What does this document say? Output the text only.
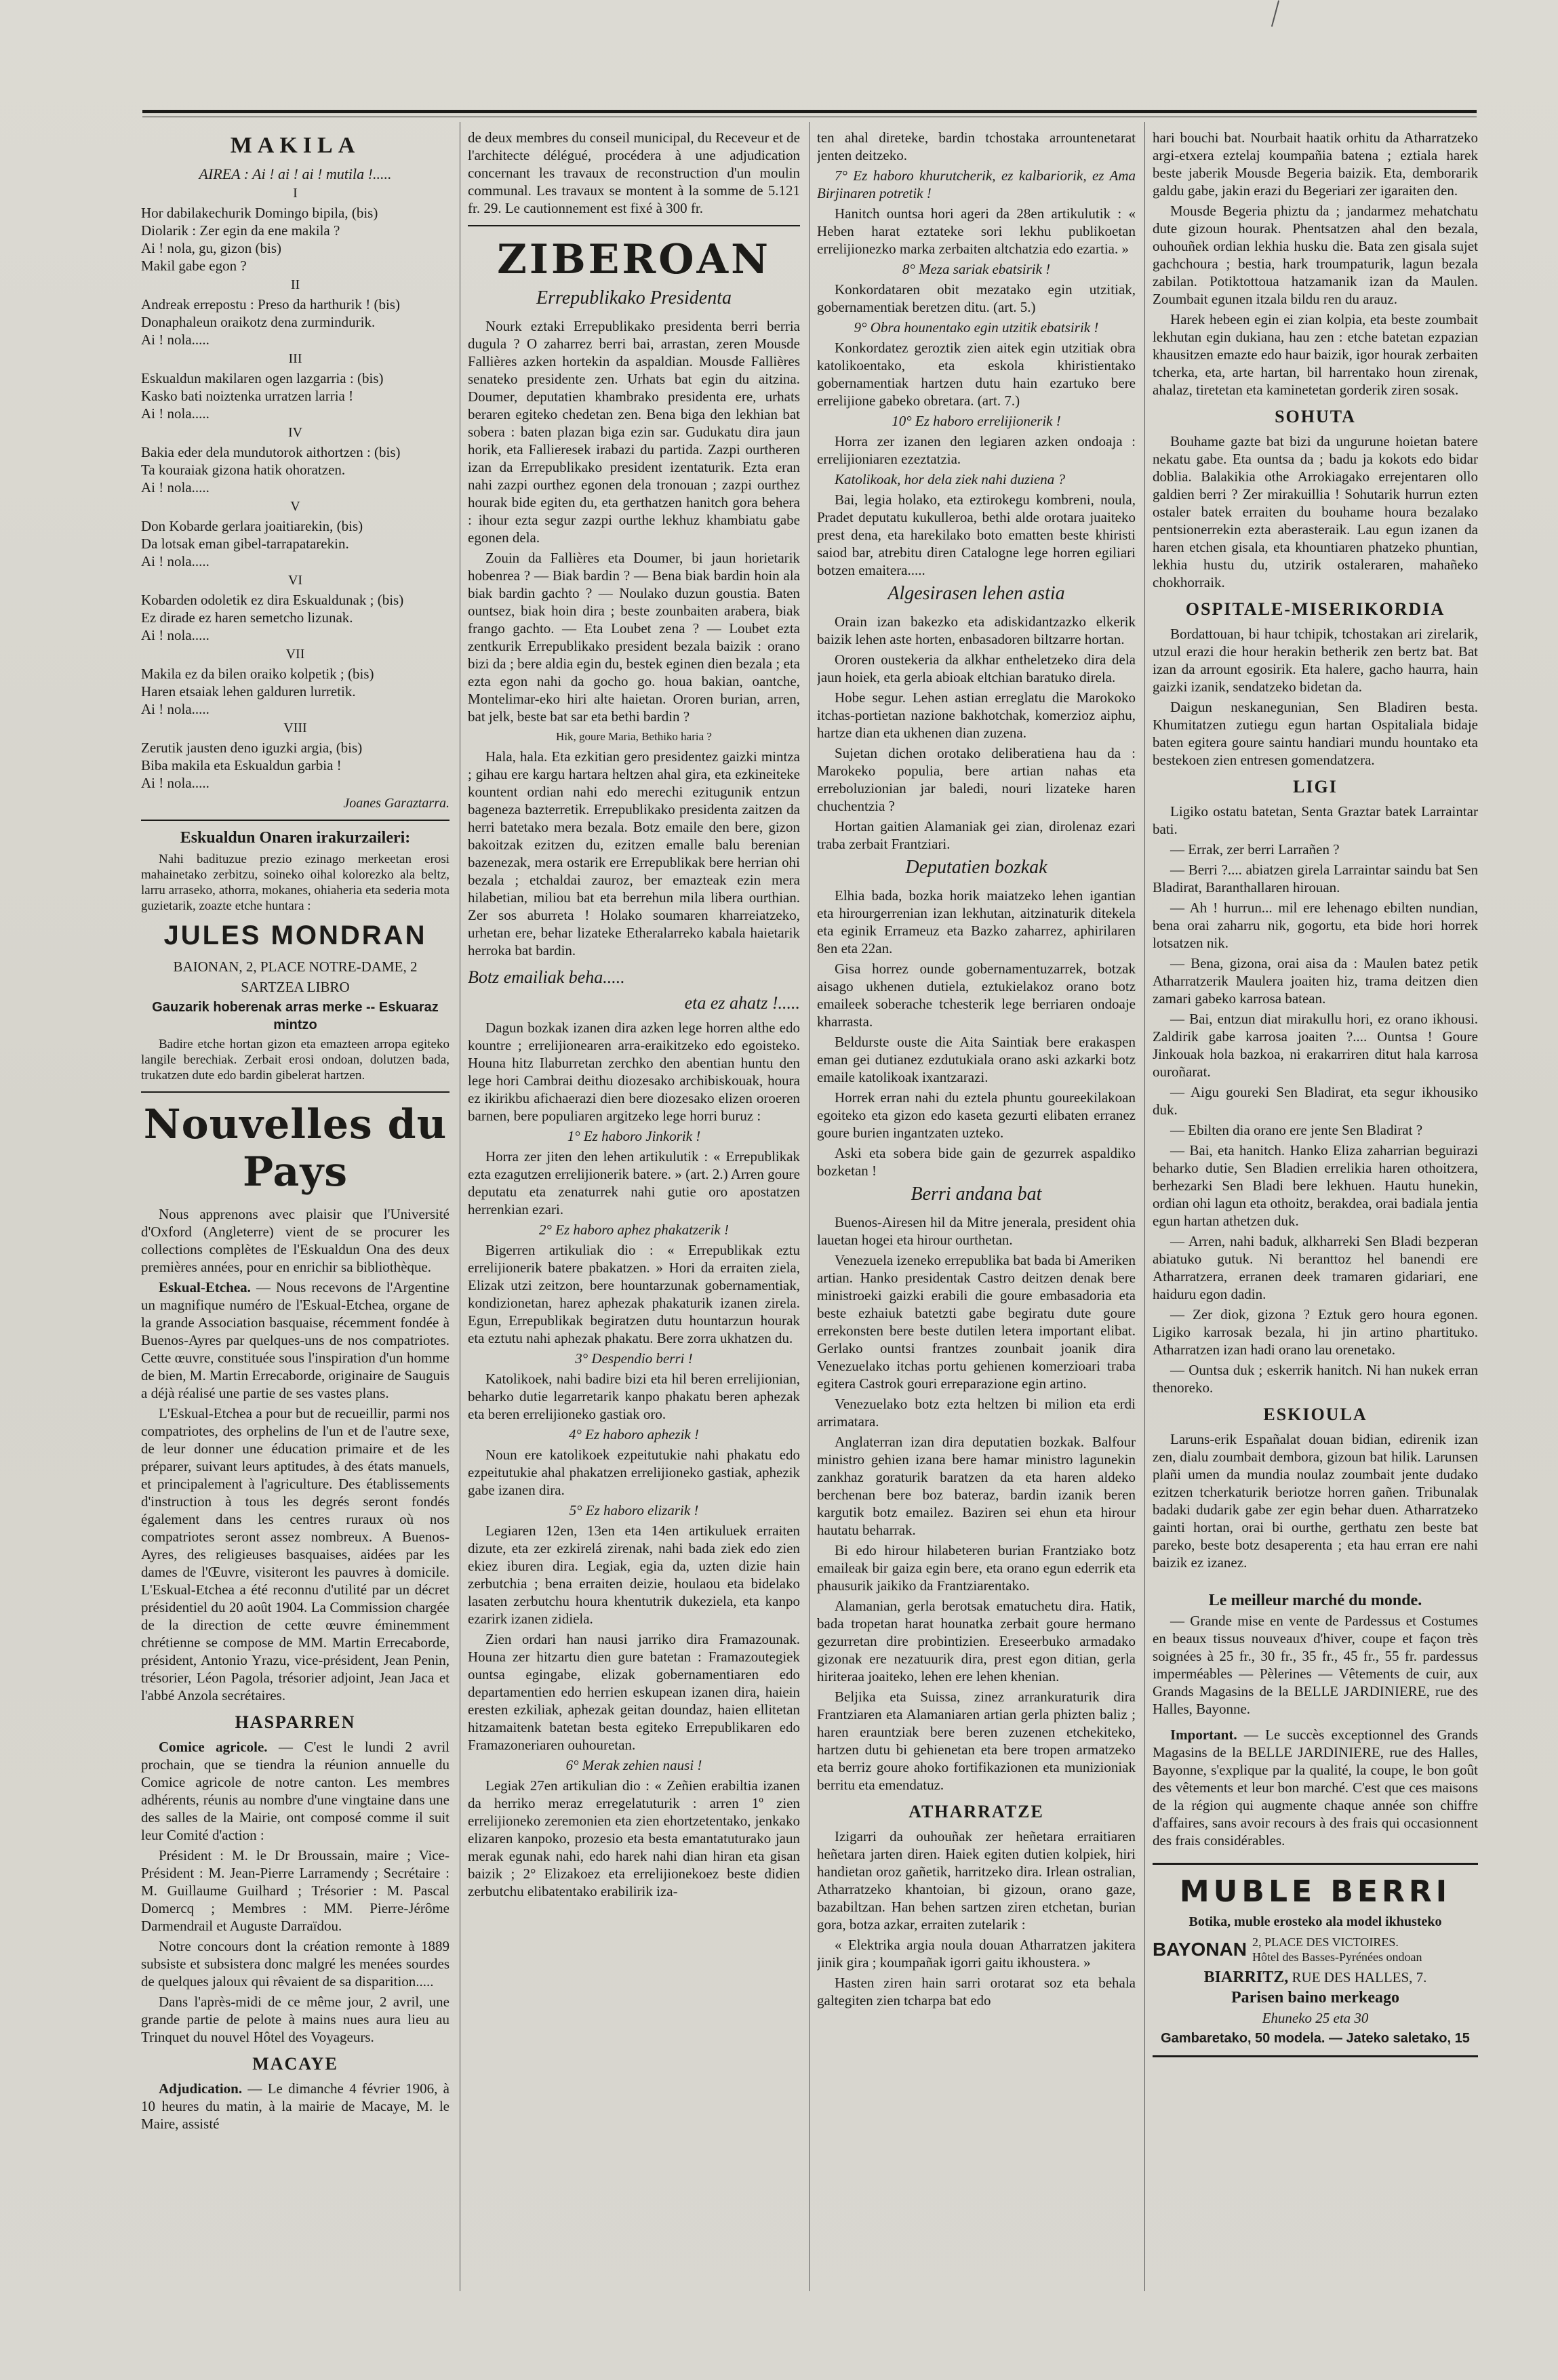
MAKILA

AIREA : Ai ! ai ! ai ! mutila !.....

I
Hor dabilakechurik Domingo bipila, (bis)
Diolarik : Zer egin da ene makila ?
Ai ! nola, gu, gizon (bis)
Makil gabe egon ?
II
Andreak errepostu : Preso da harthurik ! (bis)
Donaphaleun oraikotz dena zurmindurik.
Ai ! nola.....
III
Eskualdun makilaren ogen lazgarria : (bis)
Kasko bati noiztenka urratzen larria !
Ai ! nola.....
IV
Bakia eder dela mundutorok aithortzen : (bis)
Ta kouraiak gizona hatik ohoratzen.
Ai ! nola.....
V
Don Kobarde gerlara joaitiarekin, (bis)
Da lotsak eman gibel-tarrapatarekin.
Ai ! nola.....
VI
Kobarden odoletik ez dira Eskualdunak ; (bis)
Ez dirade ez haren semetcho lizunak.
Ai ! nola.....
VII
Makila ez da bilen oraiko kolpetik ; (bis)
Haren etsaiak lehen galduren lurretik.
Ai ! nola.....
VIII
Zerutik jausten deno iguzki argia, (bis)
Biba makila eta Eskualdun garbia !
Ai ! nola.....
Joanes Garaztarra.
Eskualdun Onaren irakurzaileri:

Nahi badituzue prezio ezinago merkeetan erosi mahainetako zerbitzu, soineko oihal kolorezko ala beltz, larru arraseko, athorra, mokanes, ohiaheria eta sederia mota guzietarik, zoazte etche huntara :

JULES MONDRAN

BAIONAN, 2, PLACE NOTRE-DAME, 2

SARTZEA LIBRO

Gauzarik hoberenak arras merke -- Eskuaraz mintzo

Badire etche hortan gizon eta emazteen arropa egiteko langile berechiak. Zerbait erosi ondoan, dolutzen bada, trukatzen dute edo bardin gibelerat hartzen.

Nouvelles du Pays

Nous apprenons avec plaisir que l'Université d'Oxford (Angleterre) vient de se procurer les collections complètes de l'Eskualdun Ona des deux premières années, pour en enrichir sa bibliothèque.

Eskual-Etchea. — Nous recevons de l'Argentine un magnifique numéro de l'Eskual-Etchea, organe de la grande Association basquaise, récemment fondée à Buenos-Ayres par quelques-uns de nos compatriotes. Cette œuvre, constituée sous l'inspiration d'un homme de bien, M. Martin Errecaborde, originaire de Sauguis a déjà réalisé une partie de ses vastes plans.

L'Eskual-Etchea a pour but de recueillir, parmi nos compatriotes, des orphelins de l'un et de l'autre sexe, de leur donner une éducation primaire et de les préparer, suivant leurs aptitudes, à des états manuels, et principalement à l'agriculture. Des établissements d'instruction à tous les degrés seront fondés également dans les centres ruraux où nos compatriotes seront assez nombreux. A Buenos-Ayres, des religieuses basquaises, aidées par les dames de l'Œuvre, visiteront les pauvres à domicile. L'Eskual-Etchea a été reconnu d'utilité par un décret présidentiel du 20 août 1904. La Commission chargée de la direction de cette œuvre éminemment chrétienne se compose de MM. Martin Errecaborde, président, Antonio Yrazu, vice-président, Jean Penin, trésorier, Léon Pagola, trésorier adjoint, Jean Jaca et l'abbé Anzola secrétaires.

HASPARREN

Comice agricole. — C'est le lundi 2 avril prochain, que se tiendra la réunion annuelle du Comice agricole de notre canton. Les membres adhérents, réunis au nombre d'une vingtaine dans une des salles de la Mairie, ont composé comme il suit leur Comité d'action :

Président : M. le Dr Broussain, maire ; Vice-Président : M. Jean-Pierre Larramendy ; Secrétaire : M. Guillaume Guilhard ; Trésorier : M. Pascal Domercq ; Membres : MM. Pierre-Jérôme Darmendrail et Auguste Darraïdou.

Notre concours dont la création remonte à 1889 subsiste et subsistera donc malgré les menées sourdes de quelques jaloux qui rêvaient de sa disparition.....

Dans l'après-midi de ce même jour, 2 avril, une grande partie de pelote à mains nues aura lieu au Trinquet du nouvel Hôtel des Voyageurs.

MACAYE

Adjudication. — Le dimanche 4 février 1906, à 10 heures du matin, à la mairie de Macaye, M. le Maire, assisté

de deux membres du conseil municipal, du Receveur et de l'architecte délégué, procédera à une adjudication concernant les travaux de reconstruction d'un moulin communal. Les travaux se montent à la somme de 5.121 fr. 29. Le cautionnement est fixé à 300 fr.

ZIBEROAN
Errepublikako Presidenta

Nourk eztaki Errepublikako presidenta berri berria dugula ? O zaharrez berri bai, arrastan, zeren Mousde Fallières azken hortekin da aspaldian. Mousde Fallières senateko presidente zen. Urhats bat egin du aitzina. Doumer, deputatien khambrako presidenta ere, urhats beraren egiteko chedetan zen. Bena biga den lekhian bat sobera : baten plazan biga ezin sar. Gudukatu dira jaun horik, eta Fallieresek irabazi du partida. Zazpi ourtheren izan da Errepublikako president izentaturik. Ezta eran nahi zazpi ourthez egonen dela tronouan ; zazpi ourthez hourak bide egiten du, eta gerthatzen hanitch gora behera : ihour ezta segur zazpi ourthe lekhuz khambiatu gabe egonen dela.

Zouin da Fallières eta Doumer, bi jaun horietarik hobenrea ? — Biak bardin ? — Bena biak bardin hoin ala biak bardin gachto ? — Noulako duzun goustia. Baten ountsez, biak hoin dira ; beste zounbaiten arabera, biak frango gachto. — Eta Loubet zena ? — Loubet ezta zentkurik Errepublikako president bezala baizik : orano bizi da ; bere aldia egin du, bestek eginen dien bezala ; eta ezta egon nahi da gocho go. houa bakian, oantche, Montelimar-eko hiri alte haietan. Ororen burian, arren, bat jelk, beste bat sar eta bethi bardin ?

Hik, goure Maria, Bethiko haria ?

Hala, hala. Eta ezkitian gero presidentez gaizki mintza ; gihau ere kargu hartara heltzen ahal gira, eta ezkineiteke kountent ordian nahi edo merechi ezitugunik entzun bageneza bazterretik. Errepublikako presidenta zaitzen da herri batetako mera bezala. Botz emaile den bere, gizon bakoitzak ezitzen du, ezitzen emalle balu berenian bazenezak, mera ostarik ere Errepublikak bere herrian ohi bezala ; etchaldai zauroz, ber emazteak ezin mera hilabetian, miliou bat eta berrehun mila libera ourthian. Zer sos aburreta ! Holako soumaren kharreiatzeko, urhetan ere, behar lizateke Etheralarreko kabala haietarik herroka bat bardin.

Botz emailiak beha.....
eta ez ahatz !.....

Dagun bozkak izanen dira azken lege horren althe edo kountre ; errelijionearen arra-eraikitzeko edo egoisteko. Houna hitz Ilaburretan zerchko den abentian huntu den lege hori Cambrai deithu diozesako archibiskouak, houra ez ikirikbu afichaerazi dien bere diozesako elizen oroeren barnen, bere populiaren argitzeko lege horri buruz :

1° Ez haboro Jinkorik !

Horra zer jiten den lehen artikulutik : « Errepublikak ezta ezagutzen errelijionerik batere. » (art. 2.) Arren goure deputatu eta zenaturrek nahi gutie oro apostatzen herrenkian ezari.

2° Ez haboro aphez phakatzerik !

Bigerren artikuliak dio : « Errepublikak eztu errelijionerik batere pbakatzen. » Hori da erraiten ziela, Elizak utzi zeitzon, bere hountarzunak gobernamentiak, kondizionetan, harez aphezak phakaturik izanen zirela. Egun, Errepublikak begiratzen dutu hountarzun hourak eta eztutu nahi aphezak phakatu. Bere zorra ukhatzen du.

3° Despendio berri !

Katolikoek, nahi badire bizi eta hil beren errelijionian, beharko dutie legarretarik kanpo phakatu beren aphezak eta beren errelijioneko gastiak oro.

4° Ez haboro aphezik !

Noun ere katolikoek ezpeitutukie nahi phakatu edo ezpeitutukie ahal phakatzen errelijioneko gastiak, aphezik gabe izanen dira.

5° Ez haboro elizarik !

Legiaren 12en, 13en eta 14en artikuluek erraiten dizute, eta zer ezkirelá zirenak, nahi bada ziek edo zien ekiez iburen dira. Legiak, egia da, uzten dizie hain zerbutchia ; bena erraiten deizie, houlaou eta bidelako lasaten zerbutchu houra khentutrik dukeziela, eta kanpo ezarirk izanen zidiela.

Zien ordari han nausi jarriko dira Framazounak. Houna zer hitzartu dien gure batetan : Framazoutegiek ountsa egingabe, elizak gobernamentiaren edo departamentien edo herrien eskupean izanen dira, haiein eresten ezkiliak, aphezak geitan doundaz, haien ellitetan hitzamaitenk batetan besta egiteko Errepublikaren edo Framazoneriaren ouhouretan.

6° Merak zehien nausi !

Legiak 27en artikulian dio : « Zeñien erabiltia izanen da herriko meraz erregelatuturik : arren 1º zien errelijioneko zeremonien eta zien ehortzetentako, jenkako elizaren kanpoko, prozesio eta besta emantatuturako jaun merak egunak nahi, edo harek nahi dian hiran eta gisan baizik ; 2° Elizakoez eta errelijionekoez beste didien zerbutchu elibatentako erabilirik iza-

ten ahal direteke, bardin tchostaka arrountenetarat jenten deitzeko.

7° Ez haboro khurutcherik, ez kalbariorik, ez Ama Birjinaren potretik !

Hanitch ountsa hori ageri da 28en artikulutik : « Heben harat eztateke sori lekhu publikoetan errelijionezko marka zerbaiten altchatzia edo ezartia. »

8° Meza sariak ebatsirik !

Konkordataren obit mezatako egin utzitiak, gobernamentiak beretzen ditu. (art. 5.)

9° Obra hounentako egin utzitik ebatsirik !

Konkordatez geroztik zien aitek egin utzitiak obra katolikoentako, eta eskola khiristientako gobernamentiak hartzen dutu hain ezartuko bere errelijione gabeko obretara. (art. 7.)

10° Ez haboro errelijionerik !

Horra zer izanen den legiaren azken ondoaja : errelijioniaren ezeztatzia.

Katolikoak, hor dela ziek nahi duziena ?

Bai, legia holako, eta eztirokegu kombreni, noula, Pradet deputatu kukulleroa, bethi alde orotara juaiteko prest dena, eta harekilako boto ematten beste khiristi saiod bar, atrebitu diren Catalogne lege horren egiliari botzen emaitera.....

Algesirasen lehen astia

Orain izan bakezko eta adiskidantzazko elkerik baizik lehen aste horten, enbasadoren biltzarre hortan.

Ororen oustekeria da alkhar entheletzeko dira dela jaun hoiek, eta gerla abioak eltchian baratuko direla.

Hobe segur. Lehen astian erreglatu die Marokoko itchas-portietan nazione bakhotchak, komerzioz aiphu, hartze dian eta ukhenen dian zuzena.

Sujetan dichen orotako deliberatiena hau da : Marokeko populia, bere artian nahas eta erreboluzionian jar baledi, nouri lizateke haren chuchentzia ?

Hortan gaitien Alamaniak gei zian, dirolenaz ezari traba zerbait Frantziari.

Deputatien bozkak

Elhia bada, bozka horik maiatzeko lehen igantian eta hirourgerrenian izan lekhutan, aitzinaturik ditekela eta eginik Errameuz eta Bazko zaharrez, aphirilaren 8en eta 22an.

Gisa horrez ounde gobernamentuzarrek, botzak aisago ukhenen dutiela, eztukielakoz orano botz emaileek soberache tchesterik lege berriaren ondoaje kharrasta.

Beldurste ouste die Aita Saintiak bere erakaspen eman gei dutianez ezdutukiala orano aski azkarki botz emaile katolikoak ixantzarazi.

Horrek erran nahi du eztela phuntu goureekilakoan egoiteko eta gizon edo kaseta gezurti elibaten erranez goure burien ingantzaten uzteko.

Aski eta sobera bide gain de gezurrek aspaldiko bozketan !

Berri andana bat

Buenos-Airesen hil da Mitre jenerala, president ohia lauetan hogei eta hirour ourthetan.

Venezuela izeneko errepublika bat bada bi Ameriken artian. Hanko presidentak Castro deitzen denak bere ministroeki gaizki erabili die goure embasadoria eta beste ezhaiuk batetzti gabe begiratu dute goure errekonsten bere beste dutilen letera important elibat. Gerlako ountsi frantzes zounbait joanik dira Venezuelako itchas portu gehienen komerzioari traba egitera Castrok gouri erreparazione egin artino.

Venezuelako botz ezta heltzen bi milion eta erdi arrimatara.

Anglaterran izan dira deputatien bozkak. Balfour ministro gehien izana bere hamar ministro lagunekin zankhaz goraturik baratzen da eta haren aldeko berchenan bere boz bateraz, bardin izanik beren kargutik botz emailez. Baziren sei ehun eta hirour hautatu beharrak.

Bi edo hirour hilabeteren burian Frantziako botz emaileak bir gaiza egin bere, eta orano egun ederrik eta phausurik jaikiko da Frantziarentako.

Alamanian, gerla berotsak ematuchetu dira. Hatik, bada tropetan harat hounatka zerbait goure hermano gezurretan dire probintizien. Ereseerbuko armadako gizonak ere nezatuurik dira, prest egon ditian, gerla hiriteraa joaiteko, lehen ere lehen khenian.

Beljika eta Suissa, zinez arrankuraturik dira Frantziaren eta Alamaniaren artian gerla phizten baliz ; haren erauntziak bere beren zuzenen etchekiteko, hartzen dutu bi gehienetan eta bere tropen armatzeko eta berriz goure ahoko fortifikazionen eta munizioniak berritu eta emendatuz.

ATHARRATZE

Izigarri da ouhouñak zer heñetara erraitiaren heñetara jarten diren. Haiek egiten dutien kolpiek, hiri handietan oroz gañetik, harritzeko dira. Irlean ostralian, Atharratzeko khantoian, bi gizoun, orano gaze, bazabiltzan. Han behen sartzen ziren etchetan, burian gora, botza azkar, erraiten zutelarik :

« Elektrika argia noula douan Atharratzen jakitera jinik gira ; koumpañak igorri gaitu ikhoustera. »

Hasten ziren hain sarri orotarat soz eta behala galtegiten zien tcharpa bat edo

hari bouchi bat. Nourbait haatik orhitu da Atharratzeko argi-etxera eztelaj koumpañia batena ; eztiala harek beste jaberik Mousde Begeria baizik. Eta, demborarik galdu gabe, jakin erazi du Begeriari zer igaraiten den.

Mousde Begeria phiztu da ; jandarmez mehatchatu dute gizoun hourak. Phentsatzen ahal den bezala, ouhouñek ordian lekhia husku die. Bata zen gisala sujet gachchoura ; bestia, hark troumpaturik, lagun bezala zabilan. Potiktottoua hatzamanik izan da Maulen. Zoumbait egunen itzala bildu ren du arauz.

Harek hebeen egin ei zian kolpia, eta beste zoumbait lekhutan egin dukiana, hau zen : etche batetan ezpazian khausitzen emazte edo haur baizik, igor hourak zerbaiten tcherka, eta, arte hartan, bil harrentako houn zirenak, ahalaz, tiretetan eta kaminetetan gorderik ziren sosak.

SOHUTA

Bouhame gazte bat bizi da ungurune hoietan batere nekatu gabe. Eta ountsa da ; badu ja kokots edo bidar doblia. Balakikia othe Arrokiagako errejentaren ollo galdien berri ? Zer mirakuillia ! Sohutarik hurrun ezten ostaler batek erraiten du bouhame houra bezalako pentsionerrekin ezta aberasteraik. Lau egun izanen da haren etchen gisala, eta khountiaren phatzeko phuntian, lekhia hustu du, utzirik ostaleraren, mahañeko chokhorraik.

OSPITALE-MISERIKORDIA

Bordattouan, bi haur tchipik, tchostakan ari zirelarik, utzul erazi die hour herakin betherik zen bertz bat. Bat izan da arrount egosirik. Eta halere, gacho haurra, hain gaizki izanik, sendatzeko bidetan da.

Daigun neskanegunian, Sen Bladiren besta. Khumitatzen zutiegu egun hartan Ospitaliala bidaje baten egitera goure saintu handiari mundu hountako eta bestekoen zien entresen gomendatzera.

LIGI

Ligiko ostatu batetan, Senta Graztar batek Larraintar bati.

— Errak, zer berri Larrañen ?

— Berri ?.... abiatzen girela Larraintar saindu bat Sen Bladirat, Baranthallaren hirouan.

— Ah ! hurrun... mil ere lehenago ebilten nundian, bena orai zaharru nik, gogortu, eta bide hori horrek lotsatzen nik.

— Bena, gizona, orai aisa da : Maulen batez petik Atharratzerik Maulera joaiten hiz, trama deitzen dien zamari gabeko karrosa batean.

— Bai, entzun diat mirakullu hori, ez orano ikhousi. Zaldirik gabe karrosa joaiten ?.... Ountsa ! Goure Jinkouak hola bazkoa, ni erakarriren ditut hala karrosa ouroñarat.

— Aigu goureki Sen Bladirat, eta segur ikhousiko duk.

— Ebilten dia orano ere jente Sen Bladirat ?

— Bai, eta hanitch. Hanko Eliza zaharrian beguirazi beharko dutie, Sen Bladien errelikia haren othoitzera, berhezarki Sen Bladi bere lekhuen. Hautu hunekin, ordian ohi lagun eta othoitz, berakdea, orai badiala jentia egun hartan athetzen duk.

— Arren, nahi baduk, alkharreki Sen Bladi bezperan abiatuko gutuk. Ni beranttoz hel banendi ere Atharratzera, erranen deek tramaren gidariari, ene haiduru egon dadin.

— Zer diok, gizona ? Eztuk gero houra egonen. Ligiko karrosak bezala, hi jin artino phartituko. Atharratzen izan hadi orano lau orenetako.

— Ountsa duk ; eskerrik hanitch. Ni han nukek erran thenoreko.

ESKIOULA

Laruns-erik Españalat douan bidian, edirenik izan zen, dialu zoumbait dembora, gizoun bat hilik. Larunsen plañi umen da mundia noulaz zoumbait jente dudako ezitzen tcherkaturik beriotze horren gañen. Tribunalak badaki dudarik gabe zer egin behar duen. Atharratzeko gainti hortan, orai bi ourthe, gerthatu zen beste bat pareko, beste botz desaperenta ; eta hau erran ere nahi baizik ez izanez.

Le meilleur marché du monde.

— Grande mise en vente de Pardessus et Costumes en beaux tissus nouveaux d'hiver, coupe et façon très soignées à 25 fr., 30 fr., 35 fr., 45 fr., 55 fr. pardessus imperméables — Pèlerines — Vêtements de cuir, aux Grands Magasins de la BELLE JARDINIERE, rue des Halles, Bayonne.

Important. — Le succès exceptionnel des Grands Magasins de la BELLE JARDINIERE, rue des Halles, Bayonne, s'explique par la qualité, la coupe, le bon goût des vêtements et leur bon marché. C'est que ces maisons de la région qui augmente chaque année son chiffre d'affaires, sans avoir recours à des frais qui occasionnent des frais considérables.

MUBLE BERRI

Botika, muble erosteko ala model ikhusteko

BAYONAN 2, PLACE DES VICTOIRES.
Hôtel des Basses-Pyrénées ondoan

BIARRITZ, RUE DES HALLES, 7.

Parisen baino merkeago

Ehuneko 25 eta 30

Gambaretako, 50 modela. — Jateko saletako, 15
